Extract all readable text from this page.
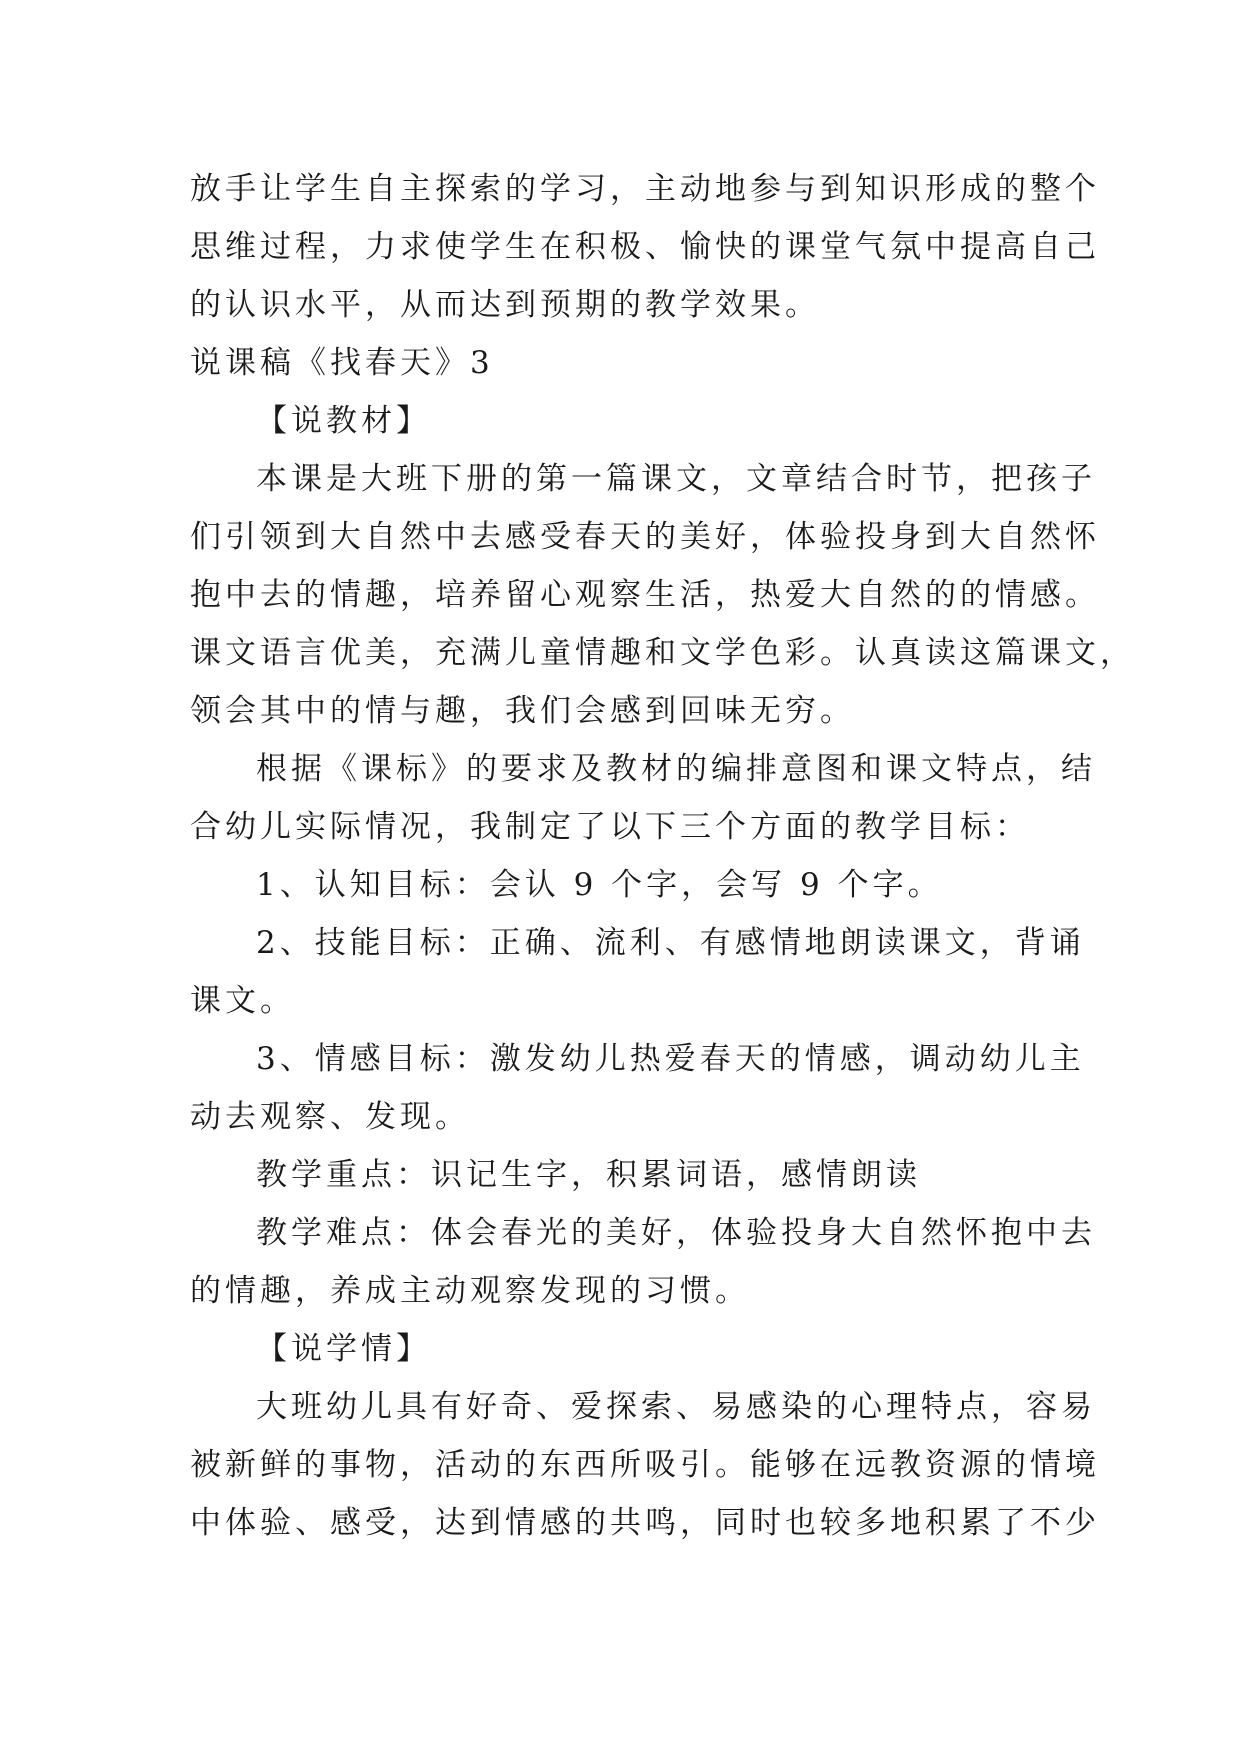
放手让学生自主探索的学习，主动地参与到知识形成的整个
思维过程，力求使学生在积极、愉快的课堂气氛中提高自己
的认识水平，从而达到预期的教学效果。
说课稿《找春天》3
【说教材】
本课是大班下册的第一篇课文，文章结合时节，把孩子
们引领到大自然中去感受春天的美好，体验投身到大自然怀
抱中去的情趣，培养留心观察生活，热爱大自然的的情感。
课文语言优美，充满儿童情趣和文学色彩。认真读这篇课文，
领会其中的情与趣，我们会感到回味无穷。
根据《课标》的要求及教材的编排意图和课文特点，结
合幼儿实际情况，我制定了以下三个方面的教学目标：
1、认知目标：会认 9 个字，会写 9 个字。
2、技能目标：正确、流利、有感情地朗读课文，背诵
课文。
3、情感目标：激发幼儿热爱春天的情感，调动幼儿主
动去观察、发现。
教学重点：识记生字，积累词语，感情朗读
教学难点：体会春光的美好，体验投身大自然怀抱中去
的情趣，养成主动观察发现的习惯。
【说学情】
大班幼儿具有好奇、爱探索、易感染的心理特点，容易
被新鲜的事物，活动的东西所吸引。能够在远教资源的情境
中体验、感受，达到情感的共鸣，同时也较多地积累了不少
